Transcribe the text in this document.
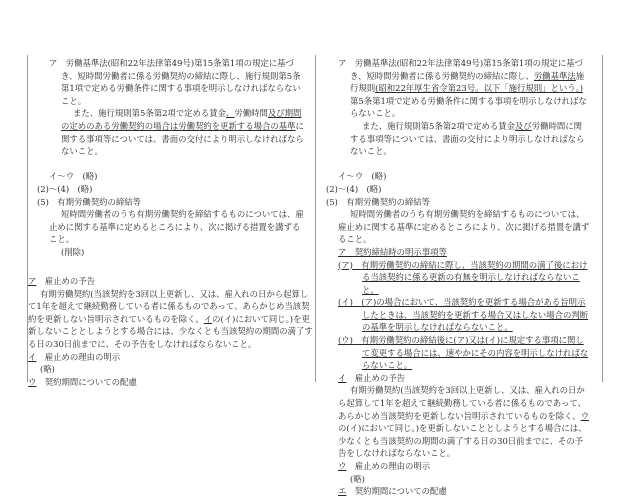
ア　 労働基準法(昭和22年法律第49号)第15条第1項の規定に基づき、短時間労働者に係る労働契約の締結に際し、施行規則第5条第1項で定める労働条件に関する事項を明示しなければならないこと。

また、施行規則第5条第2項で定める賃金、労働時間及び期間の定めのある労働契約の場合は労働契約を更新する場合の基準に関する事項等については、書面の交付により明示しなければならないこと。

イ～ウ　(略)

(2)～(4)　(略)

(5)　有期労働契約の締結等

短時間労働者のうち有期労働契約を締結するものについては、雇止めに関する基準に定めるところにより、次に掲げる措置を講ずること。

(削除)

ア　 雇止めの予告

有期労働契約(当該契約を3回以上更新し、又は、雇入れの日から起算して1年を超えて継続勤務している者に係るものであって、あらかじめ当該契約を更新しない旨明示されているものを除く。イの(イ)において同じ。)を更新しないこととしようとする場合には、少なくとも当該契約の期間の満了する日の30日前までに、その予告をしなければならないこと。

イ　 雇止めの理由の明示

(略)

ウ　 契約期間についての配慮

ア　 労働基準法(昭和22年法律第49号)第15条第1項の規定に基づき、短時間労働者に係る労働契約の締結に際し、労働基準法施行規則(昭和22年厚生省令第23号。以下「施行規則」という。)第5条第1項で定める労働条件に関する事項を明示しなければならないこと。

また、施行規則第5条第2項で定める賃金及び労働時間に関する事項等については、書面の交付により明示しなければならないこと。

イ～ウ　(略)

(2)～(4)　(略)

(5)　有期労働契約の締結等

短時間労働者のうち有期労働契約を締結するものについては、雇止めに関する基準に定めるところにより、次に掲げる措置を講ずること。

ア　契約締結時の明示事項等

(ア)　 有期労働契約の締結に際し、当該契約の期間の満了後における当該契約に係る更新の有無を明示しなければならないこと。

(イ)　 (ア)の場合において、当該契約を更新する場合がある旨明示したときは、当該契約を更新する場合又はしない場合の判断の基準を明示しなければならないこと。

(ウ)　 有期労働契約の締結後に(ア)又は(イ)に規定する事項に関して変更する場合には、速やかにその内容を明示しなければならないこと。

イ　 雇止めの予告

有期労働契約(当該契約を3回以上更新し、又は、雇入れの日から起算して1年を超えて継続勤務している者に係るものであって、あらかじめ当該契約を更新しない旨明示されているものを除く。ウの(イ)において同じ。)を更新しないこととしようとする場合には、少なくとも当該契約の期間の満了する日の30日前までに、その予告をしなければならないこと。

ウ　 雇止めの理由の明示

(略)

エ　 契約期間についての配慮
